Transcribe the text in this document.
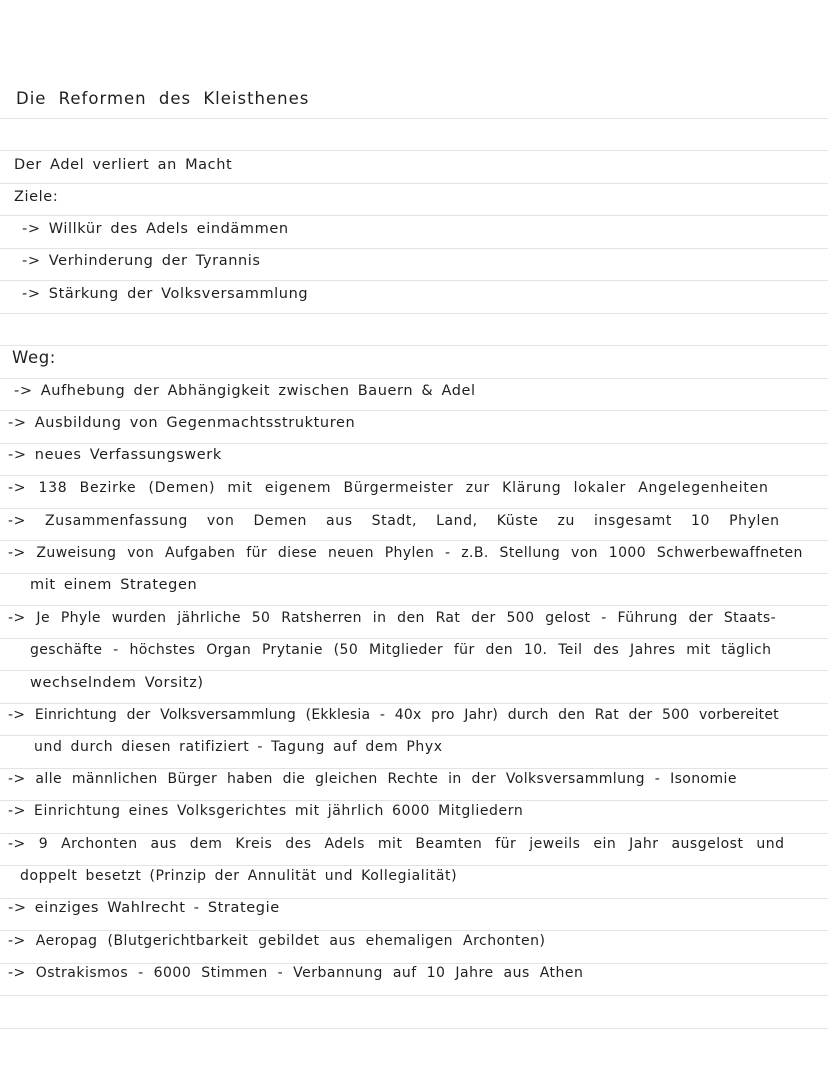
Die Reformen des Kleisthenes
Der Adel verliert an Macht
Ziele:
-> Willkür des Adels eindämmen
-> Verhinderung der Tyrannis
-> Stärkung der Volksversammlung
Weg:
-> Aufhebung der Abhängigkeit zwischen Bauern & Adel
-> Ausbildung von Gegenmachtsstrukturen
-> neues Verfassungswerk
-> 138 Bezirke (Demen) mit eigenem Bürgermeister zur Klärung lokaler Angelegenheiten
-> Zusammenfassung von Demen aus Stadt, Land, Küste zu insgesamt 10 Phylen
-> Zuweisung von Aufgaben für diese neuen Phylen - z.B. Stellung von 1000 Schwerbewaffneten
mit einem Strategen
-> Je Phyle wurden jährliche 50 Ratsherren in den Rat der 500 gelost - Führung der Staats-
geschäfte - höchstes Organ Prytanie (50 Mitglieder für den 10. Teil des Jahres mit täglich
wechselndem Vorsitz)
-> Einrichtung der Volksversammlung (Ekklesia - 40x pro Jahr) durch den Rat der 500 vorbereitet
und durch diesen ratifiziert - Tagung auf dem Phyx
-> alle männlichen Bürger haben die gleichen Rechte in der Volksversammlung - Isonomie
-> Einrichtung eines Volksgerichtes mit jährlich 6000 Mitgliedern
-> 9 Archonten aus dem Kreis des Adels mit Beamten für jeweils ein Jahr ausgelost und
doppelt besetzt (Prinzip der Annulität und Kollegialität)
-> einziges Wahlrecht - Strategie
-> Aeropag (Blutgerichtbarkeit gebildet aus ehemaligen Archonten)
-> Ostrakismos - 6000 Stimmen - Verbannung auf 10 Jahre aus Athen
